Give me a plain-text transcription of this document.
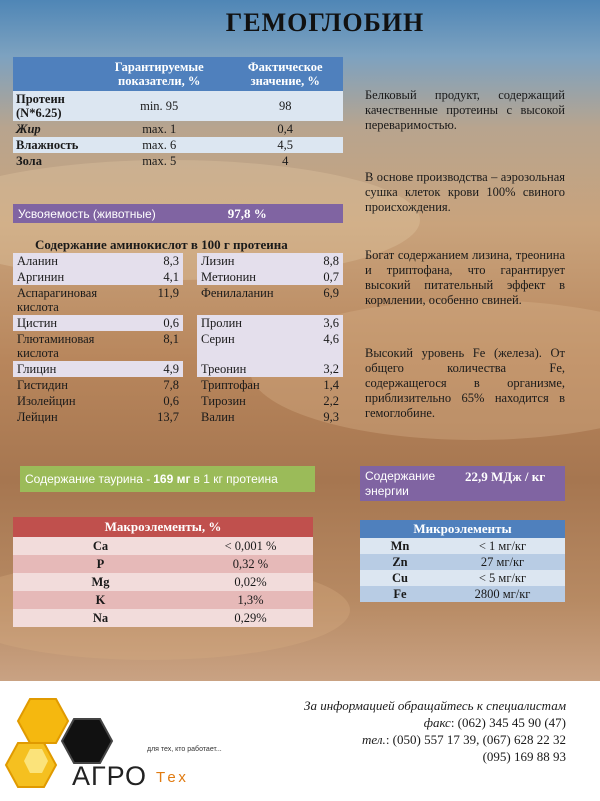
ГЕМОГЛОБИН
	Гарантируемые показатели, %	Фактическое значение, %
Протеин (N*6.25)	min. 95	98
Жир	max. 1	0,4
Влажность	max. 6	4,5
Зола	max. 5	4
Усвояемость (животные)	97,8 %
Содержание аминокислот в 100 г протеина
Аланин	8,3		Лизин	8,8
Аргинин	4,1		Метионин	0,7
Аспарагиновая кислота	11,9		Фенилаланин	6,9
Цистин	0,6		Пролин	3,6
Глютаминовая кислота	8,1		Серин	4,6
Глицин	4,9		Треонин	3,2
Гистидин	7,8		Триптофан	1,4
Изолейцин	0,6		Тирозин	2,2
Лейцин	13,7		Валин	9,3

Белковый продукт, содержащий качественные протеины с высокой переваримостью.

В основе производства – аэрозольная сушка клеток крови 100% свиного происхождения.

Богат содержанием лизина, треонина и триптофана, что гарантирует высокий питательный эффект в кормлении, особенно свиней.

Высокий уровень Fe (железа). От общего количества Fe, содержащегося в организме, приблизительно 65% находится в гемоглобине.

Содержание таурина - 169 мг в 1 кг протеина	Содержание энергии
22,9 МДж / кг
Макроэлементы, %	
Ca	< 0,001 %
P	0,32 %
Mg	0,02%
K	1,3%
Na	0,29%
Микроэлементы	
Mn	< 1 мг/кг
Zn	27 мг/кг
Cu	< 5 мг/кг
Fe	2800 мг/кг
для тех, кто работает...
АГРО Тех
За информацией обращайтесь к специалистам
факс: (062) 345 45 90 (47)
тел.: (050) 557 17 39, (067) 628 22 32
(095) 169 88 93
